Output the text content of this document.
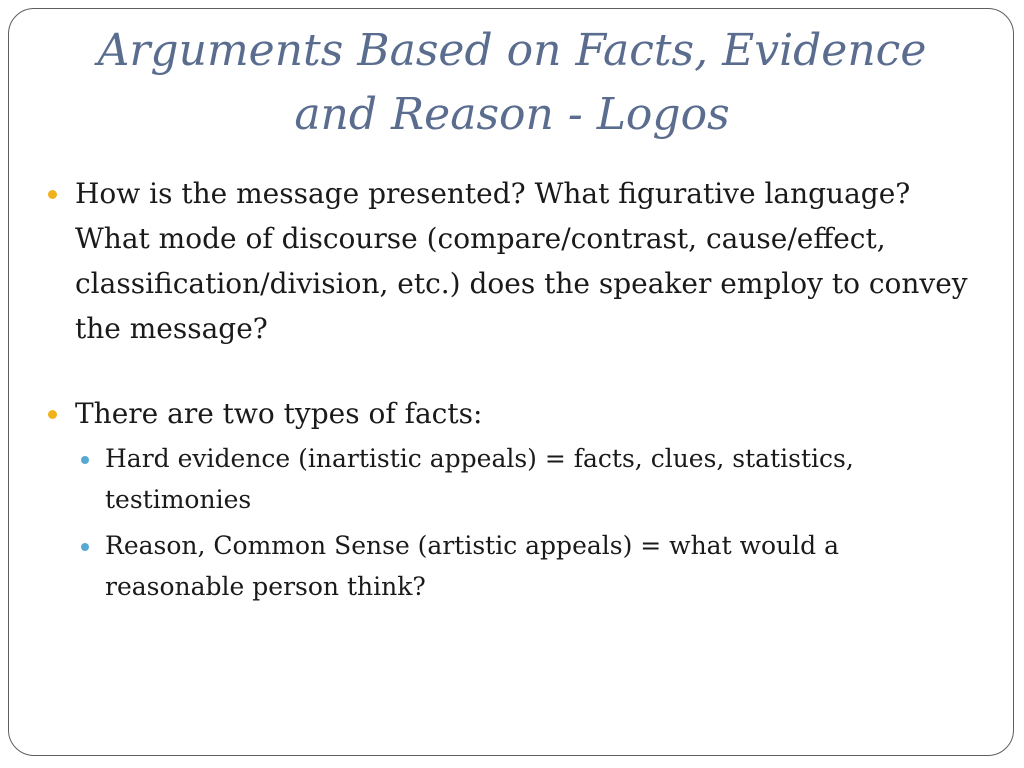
Arguments Based on Facts, Evidence
and Reason - Logos
How is the message presented? What figurative language? What mode of discourse (compare/contrast, cause/effect, classification/division, etc.) does the speaker employ to convey the message?
There are two types of facts:
Hard evidence (inartistic appeals) = facts, clues, statistics, testimonies
Reason, Common Sense (artistic appeals) = what would a reasonable person think?
